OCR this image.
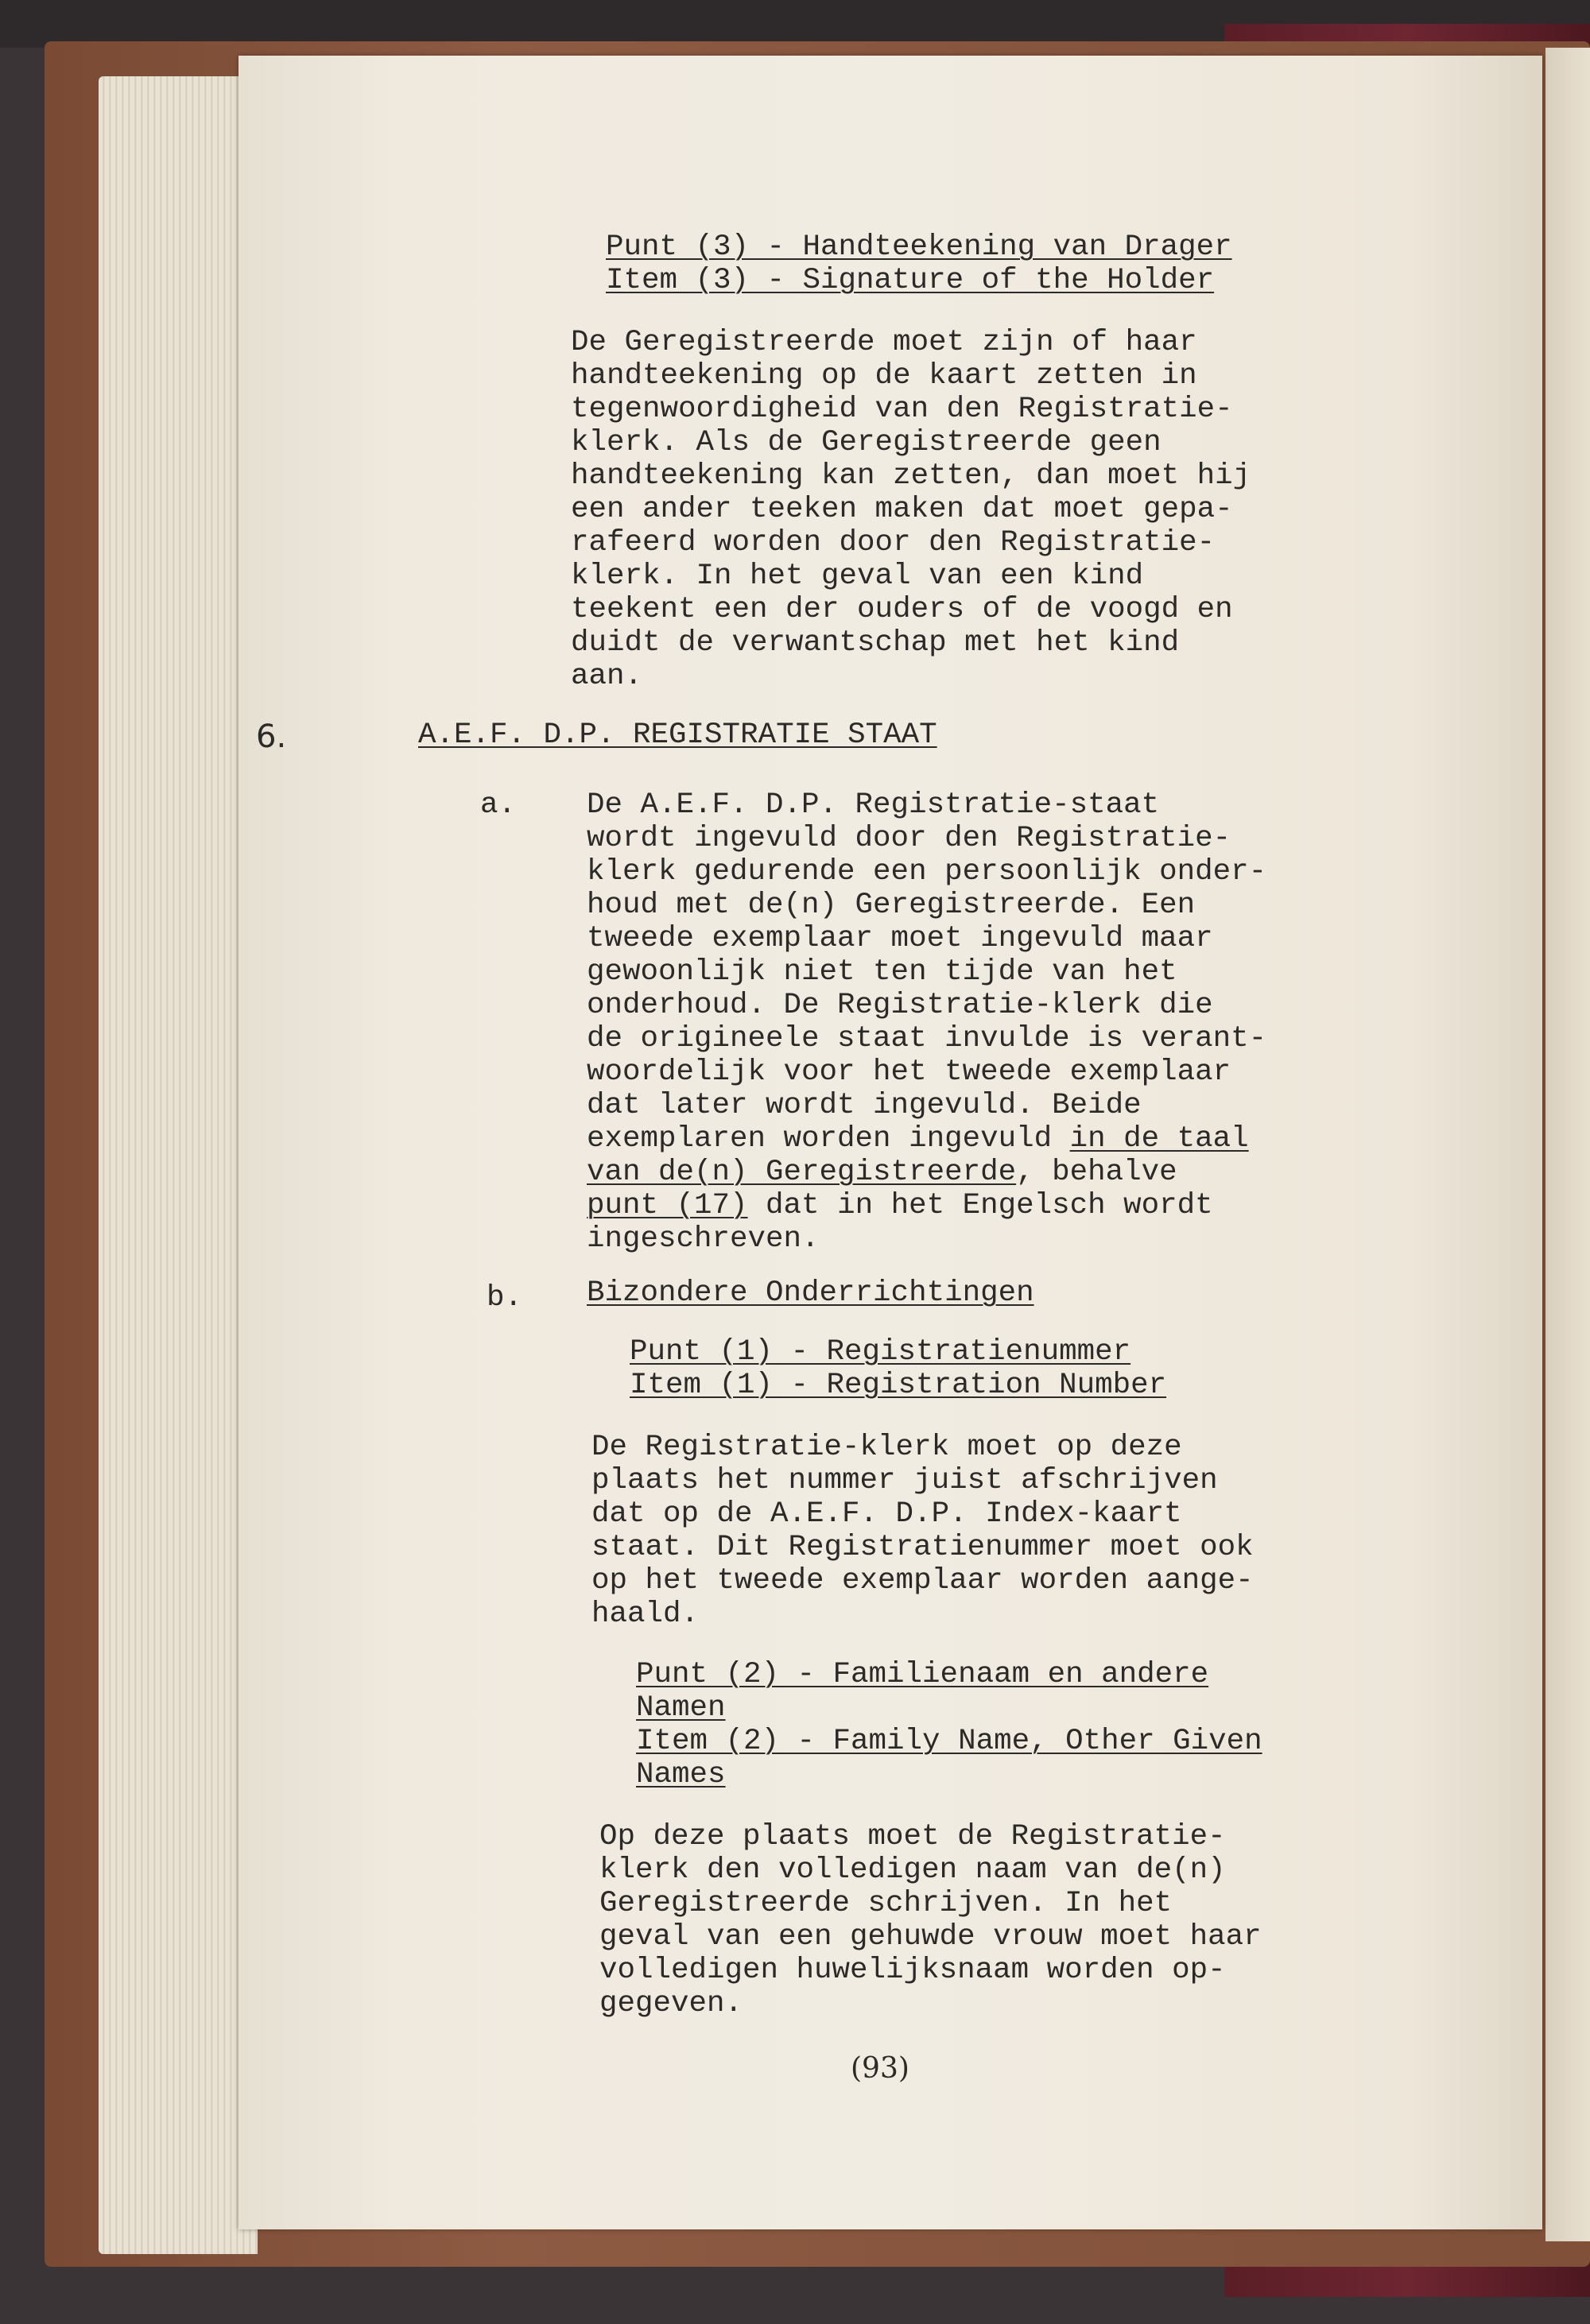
Punt (3) - Handteekening van Drager
Item (3) - Signature of the Holder
De Geregistreerde moet zijn of haar
handteekening op de kaart zetten in
tegenwoordigheid van den Registratie-
klerk. Als de Geregistreerde geen
handteekening kan zetten, dan moet hij
een ander teeken maken dat moet gepa-
rafeerd worden door den Registratie-
klerk. In het geval van een kind
teekent een der ouders of de voogd en
duidt de verwantschap met het kind
aan.
6.	A.E.F. D.P. REGISTRATIE STAAT
a. De A.E.F. D.P. Registratie-staat
wordt ingevuld door den Registratie-
klerk gedurende een persoonlijk onder-
houd met de(n) Geregistreerde. Een
tweede exemplaar moet ingevuld maar
gewoonlijk niet ten tijde van het
onderhoud. De Registratie-klerk die
de origineele staat invulde is verant-
woordelijk voor het tweede exemplaar
dat later wordt ingevuld. Beide
exemplaren worden ingevuld in de taal
van de(n) Geregistreerde, behalve
punt (17) dat in het Engelsch wordt
ingeschreven.
b. Bizondere Onderrichtingen
Punt (1) - Registratienummer
Item (1) - Registration Number
De Registratie-klerk moet op deze
plaats het nummer juist afschrijven
dat op de A.E.F. D.P. Index-kaart
staat. Dit Registratienummer moet ook
op het tweede exemplaar worden aange-
haald.
Punt (2) - Familienaam en andere
Namen
Item (2) - Family Name, Other Given
Names
Op deze plaats moet de Registratie-
klerk den volledigen naam van de(n)
Geregistreerde schrijven. In het
geval van een gehuwde vrouw moet haar
volledigen huwelijksnaam worden op-
gegeven.
(93)
